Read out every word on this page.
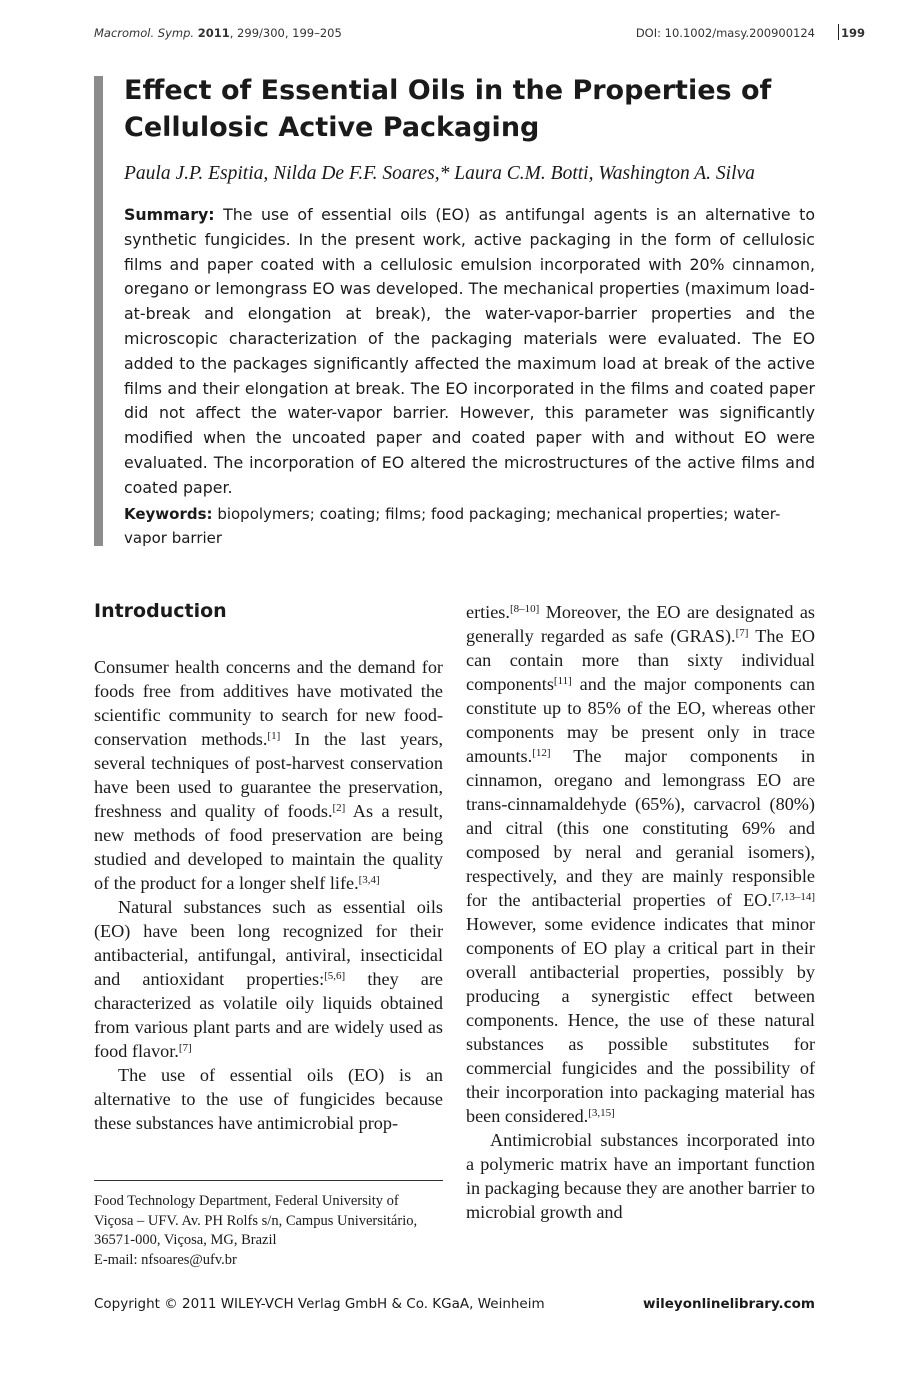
Macromol. Symp. 2011, 299/300, 199–205	DOI: 10.1002/masy.200900124 199
Effect of Essential Oils in the Properties of Cellulosic Active Packaging
Paula J.P. Espitia, Nilda De F.F. Soares,* Laura C.M. Botti, Washington A. Silva
Summary: The use of essential oils (EO) as antifungal agents is an alternative to synthetic fungicides. In the present work, active packaging in the form of cellulosic films and paper coated with a cellulosic emulsion incorporated with 20% cinnamon, oregano or lemongrass EO was developed. The mechanical properties (maximum load-at-break and elongation at break), the water-vapor-barrier properties and the microscopic characterization of the packaging materials were evaluated. The EO added to the packages significantly affected the maximum load at break of the active films and their elongation at break. The EO incorporated in the films and coated paper did not affect the water-vapor barrier. However, this parameter was significantly modified when the uncoated paper and coated paper with and without EO were evaluated. The incorporation of EO altered the microstructures of the active films and coated paper.
Keywords: biopolymers; coating; films; food packaging; mechanical properties; water-vapor barrier
Introduction

Consumer health concerns and the demand for foods free from additives have motivated the scientific community to search for new food-conservation methods.[1] In the last years, several techniques of post-harvest conservation have been used to guarantee the preservation, freshness and quality of foods.[2] As a result, new methods of food preservation are being studied and developed to maintain the quality of the product for a longer shelf life.[3,4]

Natural substances such as essential oils (EO) have been long recognized for their antibacterial, antifungal, antiviral, insecticidal and antioxidant properties:[5,6] they are characterized as volatile oily liquids obtained from various plant parts and are widely used as food flavor.[7]

The use of essential oils (EO) is an alternative to the use of fungicides because these substances have antimicrobial prop-

Food Technology Department, Federal University of
Viçosa – UFV. Av. PH Rolfs s/n, Campus Universitário,
36571-000, Viçosa, MG, Brazil
E-mail: nfsoares@ufv.br

erties.[8–10] Moreover, the EO are designated as generally regarded as safe (GRAS).[7] The EO can contain more than sixty individual components[11] and the major components can constitute up to 85% of the EO, whereas other components may be present only in trace amounts.[12] The major components in cinnamon, oregano and lemongrass EO are trans-cinnamaldehyde (65%), carvacrol (80%) and citral (this one constituting 69% and composed by neral and geranial isomers), respectively, and they are mainly responsible for the antibacterial properties of EO.[7,13–14] However, some evidence indicates that minor components of EO play a critical part in their overall antibacterial properties, possibly by producing a synergistic effect between components. Hence, the use of these natural substances as possible substitutes for commercial fungicides and the possibility of their incorporation into packaging material has been considered.[3,15]

Antimicrobial substances incorporated into a polymeric matrix have an important function in packaging because they are another barrier to microbial growth and

Copyright © 2011 WILEY-VCH Verlag GmbH & Co. KGaA, Weinheim	wileyonlinelibrary.com
